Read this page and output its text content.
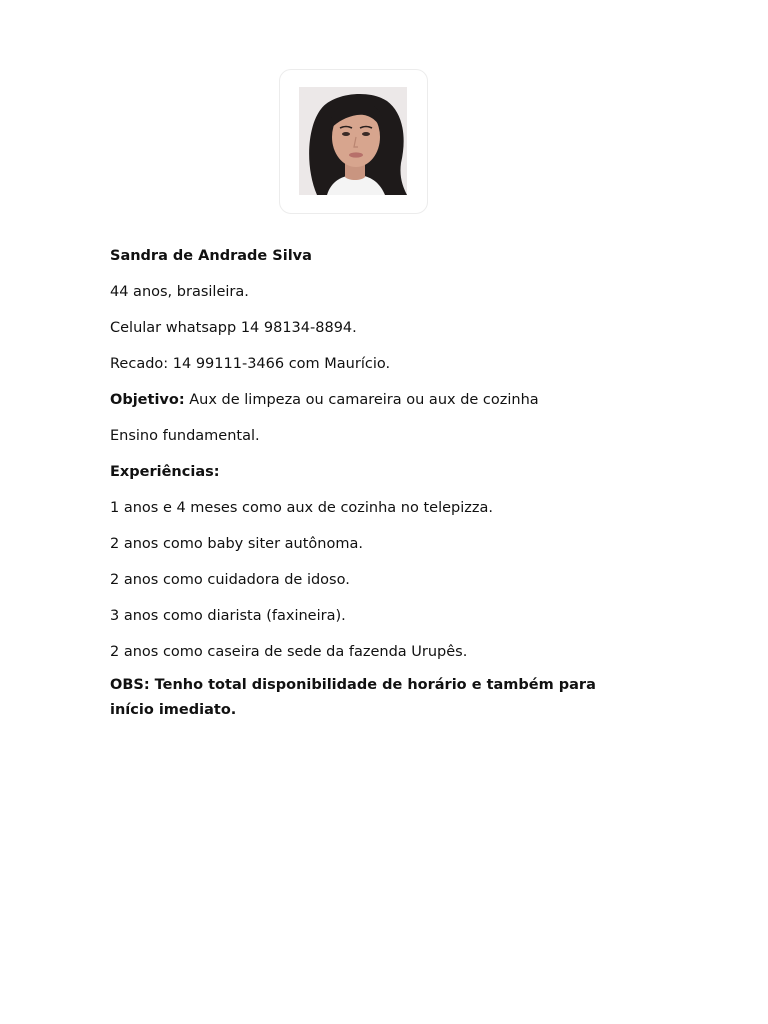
Sandra de Andrade Silva

44 anos, brasileira.

Celular whatsapp 14 98134-8894.

Recado: 14 99111-3466 com Maurício.

Objetivo: Aux de limpeza ou camareira ou aux de cozinha

Ensino fundamental.

Experiências:

1 anos e 4 meses como aux de cozinha no telepizza.

2 anos como baby siter autônoma.

2 anos como cuidadora de idoso.

3 anos como diarista (faxineira).

2 anos como caseira de sede da fazenda Urupês.

OBS: Tenho total disponibilidade de horário e também para início imediato.
